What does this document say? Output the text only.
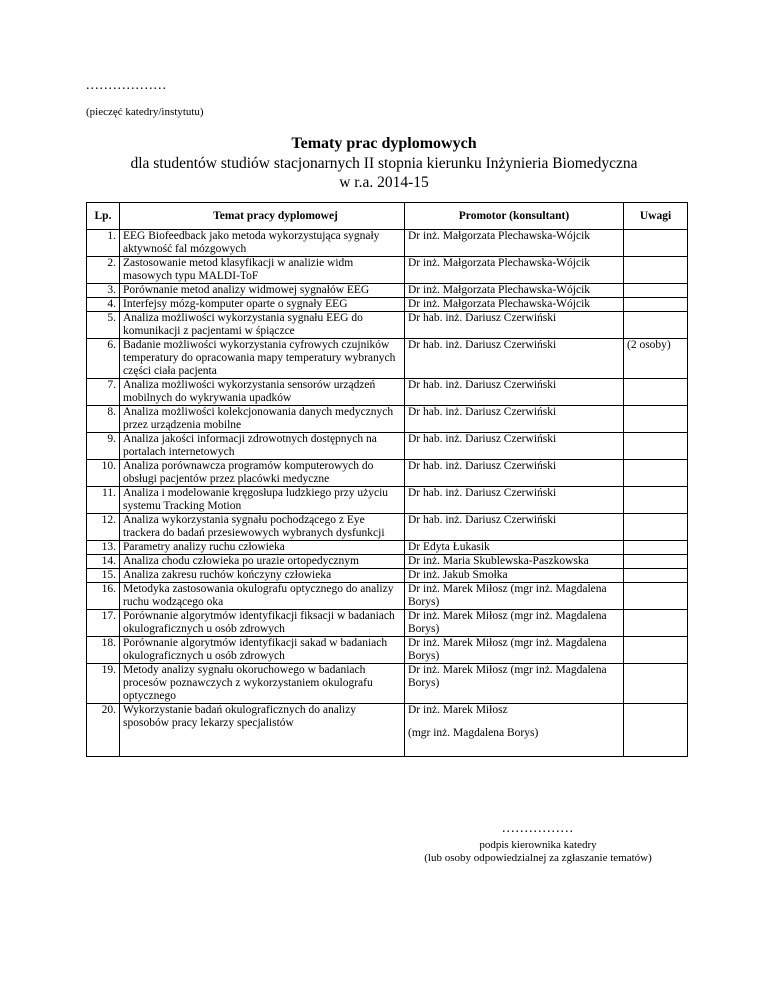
..................
(pieczęć katedry/instytutu)
Tematy prac dyplomowych
dla studentów studiów stacjonarnych II stopnia kierunku Inżynieria Biomedyczna
w r.a. 2014-15
Lp.	Temat pracy dyplomowej	Promotor (konsultant)	Uwagi
1.	EEG Biofeedback jako metoda wykorzystująca sygnały aktywność fal mózgowych	Dr inż. Małgorzata Plechawska-Wójcik	
2.	Zastosowanie metod klasyfikacji w analizie widm masowych typu MALDI-ToF	Dr inż. Małgorzata Plechawska-Wójcik	
3.	Porównanie metod analizy widmowej sygnałów EEG	Dr inż. Małgorzata Plechawska-Wójcik	
4.	Interfejsy mózg-komputer oparte o sygnały EEG	Dr inż. Małgorzata Plechawska-Wójcik	
5.	Analiza możliwości wykorzystania sygnału EEG do komunikacji z pacjentami w śpiączce	Dr hab. inż. Dariusz Czerwiński	
6.	Badanie możliwości wykorzystania cyfrowych czujników temperatury do opracowania mapy temperatury wybranych części ciała pacjenta	Dr hab. inż. Dariusz Czerwiński	(2 osoby)
7.	Analiza możliwości wykorzystania sensorów urządzeń mobilnych do wykrywania upadków	Dr hab. inż. Dariusz Czerwiński	
8.	Analiza możliwości kolekcjonowania danych medycznych przez urządzenia mobilne	Dr hab. inż. Dariusz Czerwiński	
9.	Analiza jakości informacji zdrowotnych dostępnych na portalach internetowych	Dr hab. inż. Dariusz Czerwiński	
10.	Analiza porównawcza programów komputerowych do obsługi pacjentów przez placówki medyczne	Dr hab. inż. Dariusz Czerwiński	
11.	Analiza i modelowanie kręgosłupa ludzkiego przy użyciu systemu Tracking Motion	Dr hab. inż. Dariusz Czerwiński	
12.	Analiza wykorzystania sygnału pochodzącego z Eye trackera do badań przesiewowych wybranych dysfunkcji	Dr hab. inż. Dariusz Czerwiński	
13.	Parametry analizy ruchu człowieka	Dr Edyta Łukasik	
14.	Analiza chodu człowieka po urazie ortopedycznym	Dr inż. Maria Skublewska-Paszkowska	
15.	Analiza zakresu ruchów kończyny człowieka	Dr inż. Jakub Smołka	
16.	Metodyka zastosowania okulografu optycznego do analizy ruchu wodzącego oka	Dr inż. Marek Miłosz (mgr inż. Magdalena Borys)	
17.	Porównanie algorytmów identyfikacji fiksacji w badaniach okulograficznych u osób zdrowych	Dr inż. Marek Miłosz (mgr inż. Magdalena Borys)	
18.	Porównanie algorytmów identyfikacji sakad w badaniach okulograficznych u osób zdrowych	Dr inż. Marek Miłosz (mgr inż. Magdalena Borys)	
19.	Metody analizy sygnału okoruchowego w badaniach procesów poznawczych z wykorzystaniem okulografu optycznego	Dr inż. Marek Miłosz (mgr inż. Magdalena Borys)	
20.	Wykorzystanie badań okulograficznych do analizy sposobów pracy lekarzy specjalistów	Dr inż. Marek Miłosz
(mgr inż. Magdalena Borys)	

................
podpis kierownika katedry
(lub osoby odpowiedzialnej za zgłaszanie tematów)
